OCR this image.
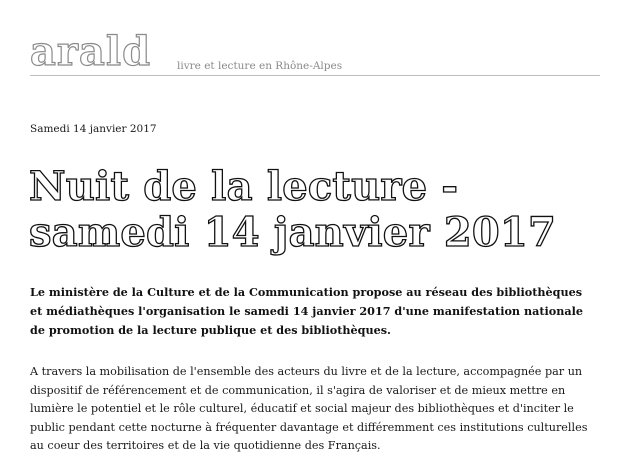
arald livre et lecture en Rhône-Alpes
Samedi 14 janvier 2017
Nuit de la lecture -
samedi 14 janvier 2017

Le ministère de la Culture et de la Communication propose au réseau des bibliothèques et médiathèques l'organisation le samedi 14 janvier 2017 d'une manifestation nationale de promotion de la lecture publique et des bibliothèques.

A travers la mobilisation de l'ensemble des acteurs du livre et de la lecture, accompagnée par un dispositif de référencement et de communication, il s'agira de valoriser et de mieux mettre en lumière le potentiel et le rôle culturel, éducatif et social majeur des bibliothèques et d'inciter le public pendant cette nocturne à fréquenter davantage et différemment ces institutions culturelles au coeur des territoires et de la vie quotidienne des Français.
